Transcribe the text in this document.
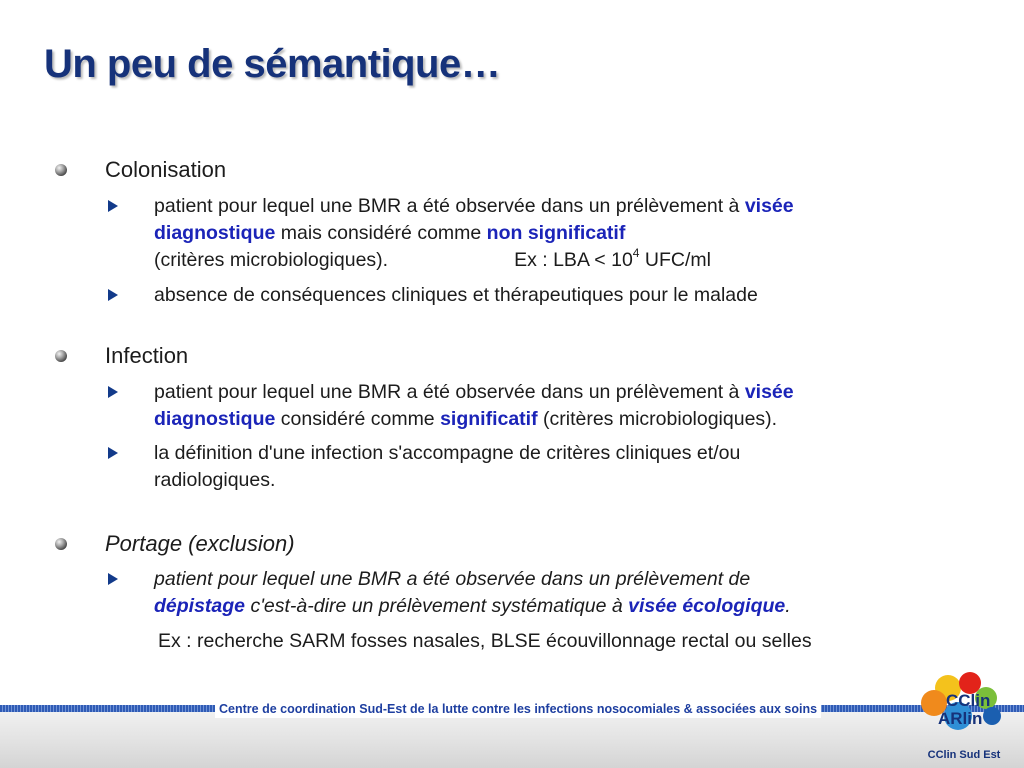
Un peu de sémantique…
Colonisation
patient pour lequel une BMR a été observée dans un prélèvement à visée
diagnostique mais considéré comme non significatif
(critères microbiologiques).	Ex : LBA < $10^4$ UFC/ml
absence de conséquences cliniques et thérapeutiques pour le malade
Infection
patient pour lequel une BMR a été observée dans un prélèvement à visée
diagnostique considéré comme significatif (critères microbiologiques).
la définition d'une infection s'accompagne de critères cliniques et/ou
radiologiques.
Portage (exclusion)
patient pour lequel une BMR a été observée dans un prélèvement de
dépistage c'est-à-dire un prélèvement systématique à visée écologique.
Ex : recherche SARM fosses nasales, BLSE écouvillonnage rectal ou selles
Centre de coordination Sud-Est de la lutte contre les infections nosocomiales & associées aux soins	CClin
ARlin
CClin Sud Est
